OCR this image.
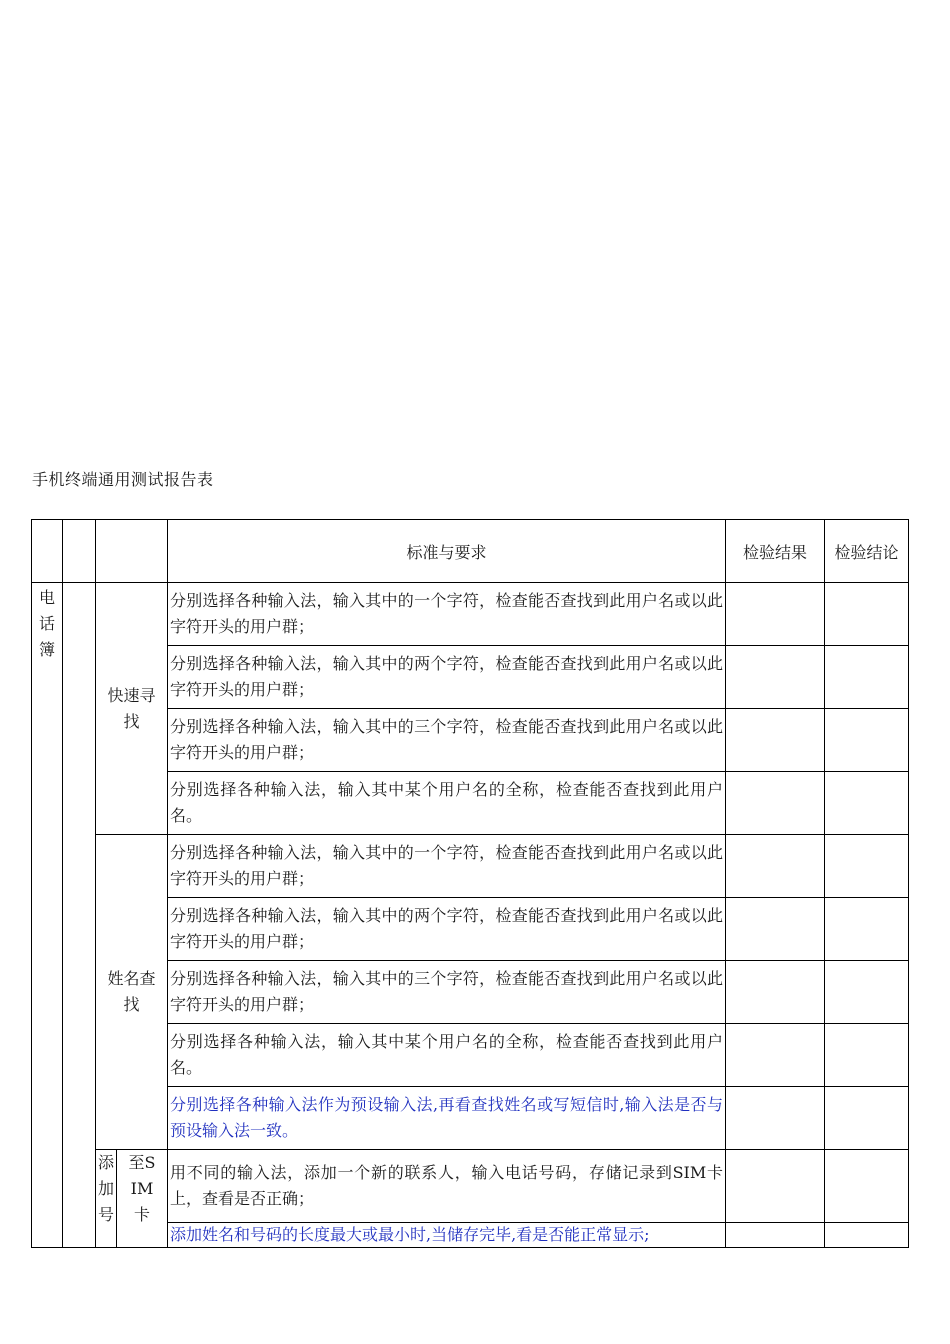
手机终端通用测试报告表
				标准与要求	检验结果	检验结论

电话簿		快速寻找		分别选择各种输入法，输入其中的一个字符，检查能否查找到此用户名或以此字符开头的用户群；		
				分别选择各种输入法，输入其中的两个字符，检查能否查找到此用户名或以此字符开头的用户群；		
				分别选择各种输入法，输入其中的三个字符，检查能否查找到此用户名或以此字符开头的用户群；		
				分别选择各种输入法，输入其中某个用户名的全称，检查能否查找到此用户名。		
		姓名查找		分别选择各种输入法，输入其中的一个字符，检查能否查找到此用户名或以此字符开头的用户群；		
				分别选择各种输入法，输入其中的两个字符，检查能否查找到此用户名或以此字符开头的用户群；		
				分别选择各种输入法，输入其中的三个字符，检查能否查找到此用户名或以此字符开头的用户群；		
				分别选择各种输入法，输入其中某个用户名的全称，检查能否查找到此用户名。		
				分别选择各种输入法作为预设输入法,再看查找姓名或写短信时,输入法是否与预设输入法一致。		

		添加号	至SIM卡	用不同的输入法，添加一个新的联系人，输入电话号码，存储记录到SIM卡上，查看是否正确；		
				添加姓名和号码的长度最大或最小时,当储存完毕,看是否能正常显示;		
